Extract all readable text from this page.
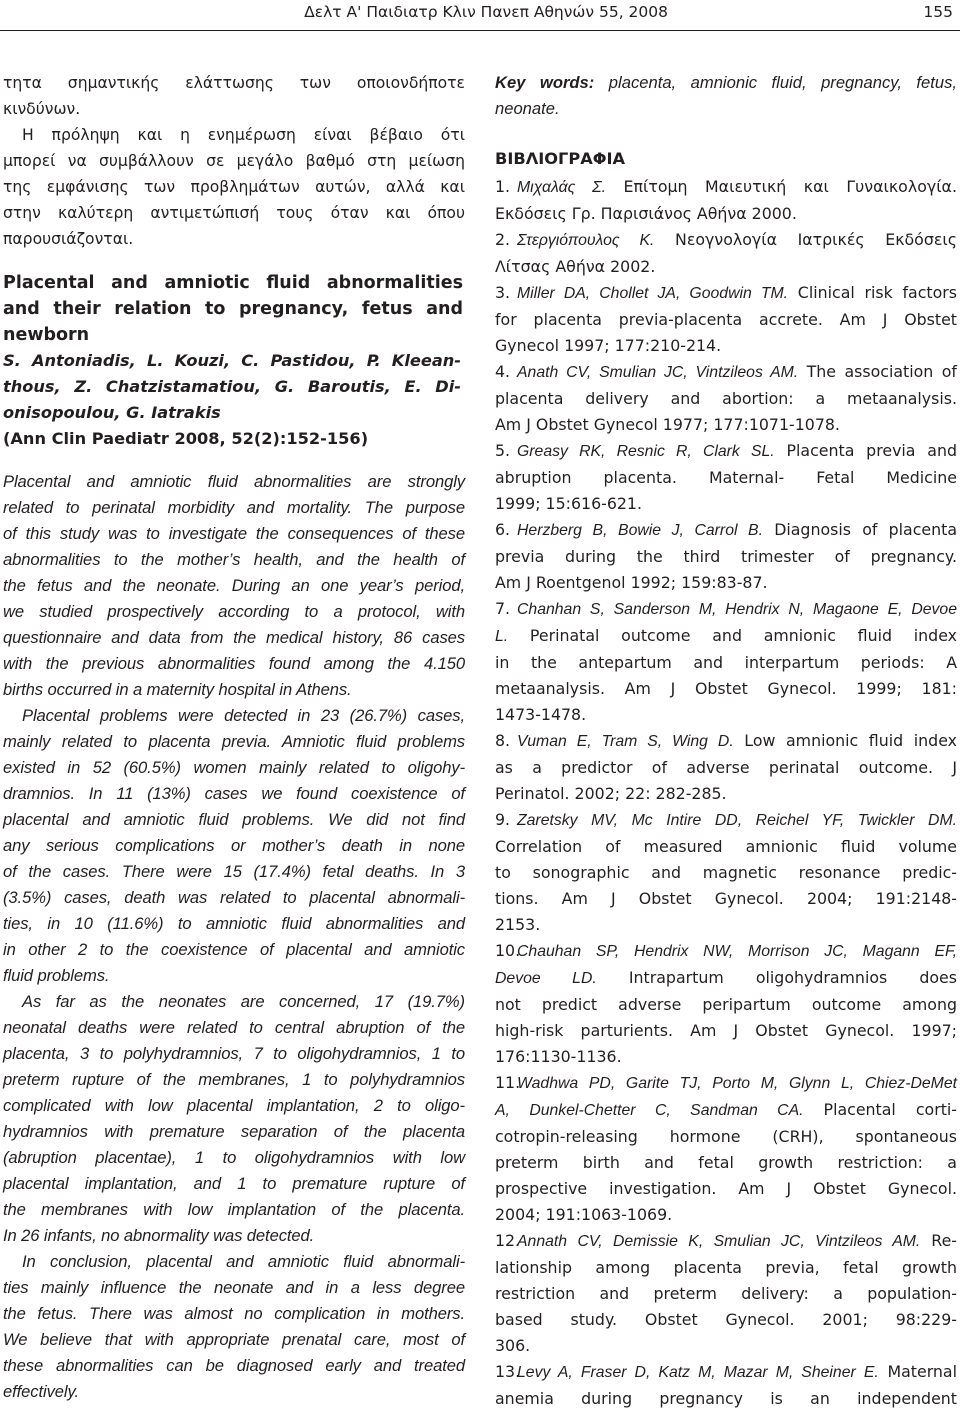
Δελτ Α' Παιδιατρ Κλιν Πανεπ Αθηνών 55, 2008	155

τητα σημαντικής ελάττωσης των οποιονδήποτε

κινδύνων.

Η πρόληψη και η ενημέρωση είναι βέβαιο ότι

μπορεί να συμβάλλουν σε μεγάλο βαθμό στη μείωση

της εμφάνισης των προβλημάτων αυτών, αλλά και

στην καλύτερη αντιμετώπισή τους όταν και όπου

παρουσιάζονται.

Placental and amniotic fluid abnormalities

and their relation to pregnancy, fetus and

newborn

S. Antoniadis, L. Kouzi, C. Pastidou, P. Kleean-

thous, Z. Chatzistamatiou, G. Baroutis, E. Di-

onisopoulou, G. Iatrakis

(Ann Clin Paediatr 2008, 52(2):152-156)

Placental and amniotic fluid abnormalities are strongly

related to perinatal morbidity and mortality. The purpose

of this study was to investigate the consequences of these

abnormalities to the mother’s health, and the health of

the fetus and the neonate. During an one year’s period,

we studied prospectively according to a protocol, with

questionnaire and data from the medical history, 86 cases

with the previous abnormalities found among the 4.150

births occurred in a maternity hospital in Athens.

Placental problems were detected in 23 (26.7%) cases,

mainly related to placenta previa. Amniotic fluid problems

existed in 52 (60.5%) women mainly related to oligohy-

dramnios. In 11 (13%) cases we found coexistence of

placental and amniotic fluid problems. We did not find

any serious complications or mother’s death in none

of the cases. There were 15 (17.4%) fetal deaths. In 3

(3.5%) cases, death was related to placental abnormali-

ties, in 10 (11.6%) to amniotic fluid abnormalities and

in other 2 to the coexistence of placental and amniotic

fluid problems.

As far as the neonates are concerned, 17 (19.7%)

neonatal deaths were related to central abruption of the

placenta, 3 to polyhydramnios, 7 to oligohydramnios, 1 to

preterm rupture of the membranes, 1 to polyhydramnios

complicated with low placental implantation, 2 to oligo-

hydramnios with premature separation of the placenta

(abruption placentae), 1 to oligohydramnios with low

placental implantation, and 1 to premature rupture of

the membranes with low implantation of the placenta.

In 26 infants, no abnormality was detected.

In conclusion, placental and amniotic fluid abnormali-

ties mainly influence the neonate and in a less degree

the fetus. There was almost no complication in mothers.

We believe that with appropriate prenatal care, most of

these abnormalities can be diagnosed early and treated

effectively.

Key words: placenta, amnionic fluid, pregnancy, fetus,

neonate.

ΒΙΒΛΙΟΓΡΑΦΙΑ

1. Μιχαλάς Σ. Επίτομη Μαιευτική και Γυναικολογία.

Εκδόσεις Γρ. Παρισιάνος Αθήνα 2000.

2. Στεργιόπουλος Κ. Νεογνολογία Ιατρικές Εκδόσεις

Λίτσας Αθήνα 2002.

3. Miller DA, Chollet JA, Goodwin TM. Clinical risk factors

for placenta previa-placenta accrete. Am J Obstet

Gynecol 1997; 177:210-214.

4. Anath CV, Smulian JC, Vintzileos AM. The association of

placenta delivery and abortion: a metaanalysis.

Am J Obstet Gynecol 1977; 177:1071-1078.

5. Greasy RK, Resnic R, Clark SL. Placenta previa and

abruption placenta. Maternal- Fetal Medicine

1999; 15:616-621.

6. Herzberg B, Bowie J, Carrol B. Diagnosis of placenta

previa during the third trimester of pregnancy.

Am J Roentgenol 1992; 159:83-87.

7. Chanhan S, Sanderson M, Hendrix N, Magaone E, Devoe

L. Perinatal outcome and amnionic fluid index

in the antepartum and interpartum periods: A

metaanalysis. Am J Obstet Gynecol. 1999; 181:

1473-1478.

8. Vuman E, Tram S, Wing D. Low amnionic fluid index

as a predictor of adverse perinatal outcome. J

Perinatol. 2002; 22: 282-285.

9. Zaretsky MV, Mc Intire DD, Reichel YF, Twickler DM.

Correlation of measured amnionic fluid volume

to sonographic and magnetic resonance predic-

tions. Am J Obstet Gynecol. 2004; 191:2148-

2153.

10.Chauhan SP, Hendrix NW, Morrison JC, Magann EF,

Devoe LD. Intrapartum oligohydramnios does

not predict adverse peripartum outcome among

high-risk parturients. Am J Obstet Gynecol. 1997;

176:1130-1136.

11.Wadhwa PD, Garite TJ, Porto M, Glynn L, Chiez-DeMet

A, Dunkel-Chetter C, Sandman CA. Placental corti-

cotropin-releasing hormone (CRH), spontaneous

preterm birth and fetal growth restriction: a

prospective investigation. Am J Obstet Gynecol.

2004; 191:1063-1069.

12.Annath CV, Demissie K, Smulian JC, Vintzileos AM. Re-

lationship among placenta previa, fetal growth

restriction and preterm delivery: a population-

based study. Obstet Gynecol. 2001; 98:229-

306.

13.Levy A, Fraser D, Katz M, Mazar M, Sheiner E. Maternal

anemia during pregnancy is an independent
